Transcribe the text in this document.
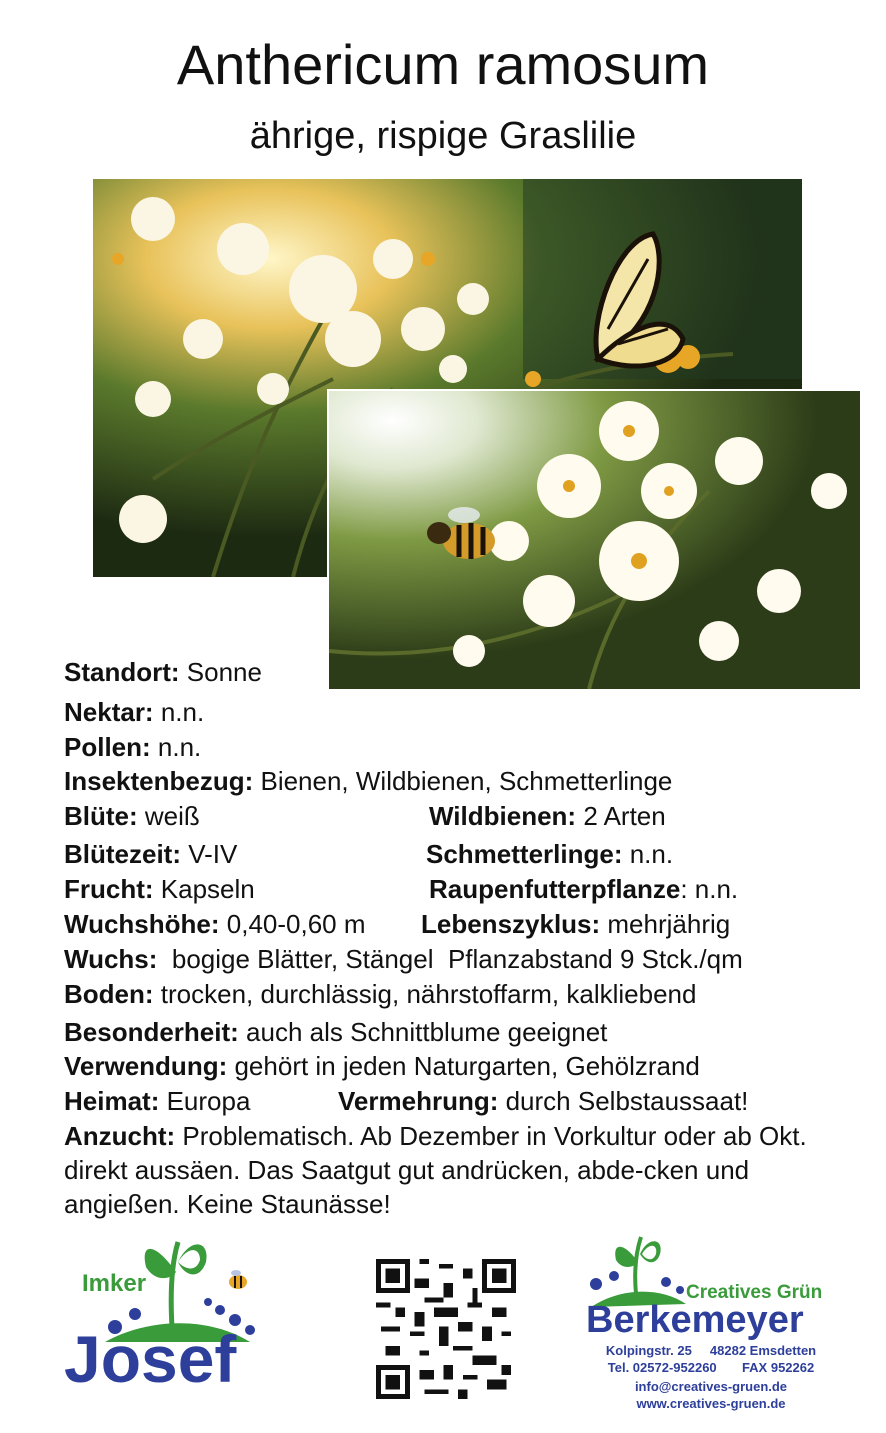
Anthericum ramosum
ährige, rispige Graslilie
Standort: Sonne
Nektar: n.n.
Pollen: n.n.
Insektenbezug: Bienen, Wildbienen, Schmetterlinge
Blüte: weiß	Wildbienen: 2 Arten
Blütezeit: V-IV	Schmetterlinge: n.n.
Frucht: Kapseln	Raupenfutterpflanze: n.n.
Wuchshöhe: 0,40-0,60 m Lebenszyklus: mehrjährig
Wuchs:  bogige Blätter, Stängel  Pflanzabstand 9 Stck./qm
Boden: trocken, durchlässig, nährstoffarm, kalkliebend
Besonderheit: auch als Schnittblume geeignet
Verwendung: gehört in jeden Naturgarten, Gehölzrand
Heimat: Europa	Vermehrung: durch Selbstaussaat!
Anzucht: Problematisch. Ab Dezember in Vorkultur oder ab Okt. direkt aussäen. Das Saatgut gut andrücken, abde-cken und angießen. Keine Staunässe!
Imker
Josef
Creatives Grün
Berkemeyer
Kolpingstr. 25     48282 Emsdetten
Tel. 02572-952260       FAX 952262
info@creatives-gruen.de
www.creatives-gruen.de
